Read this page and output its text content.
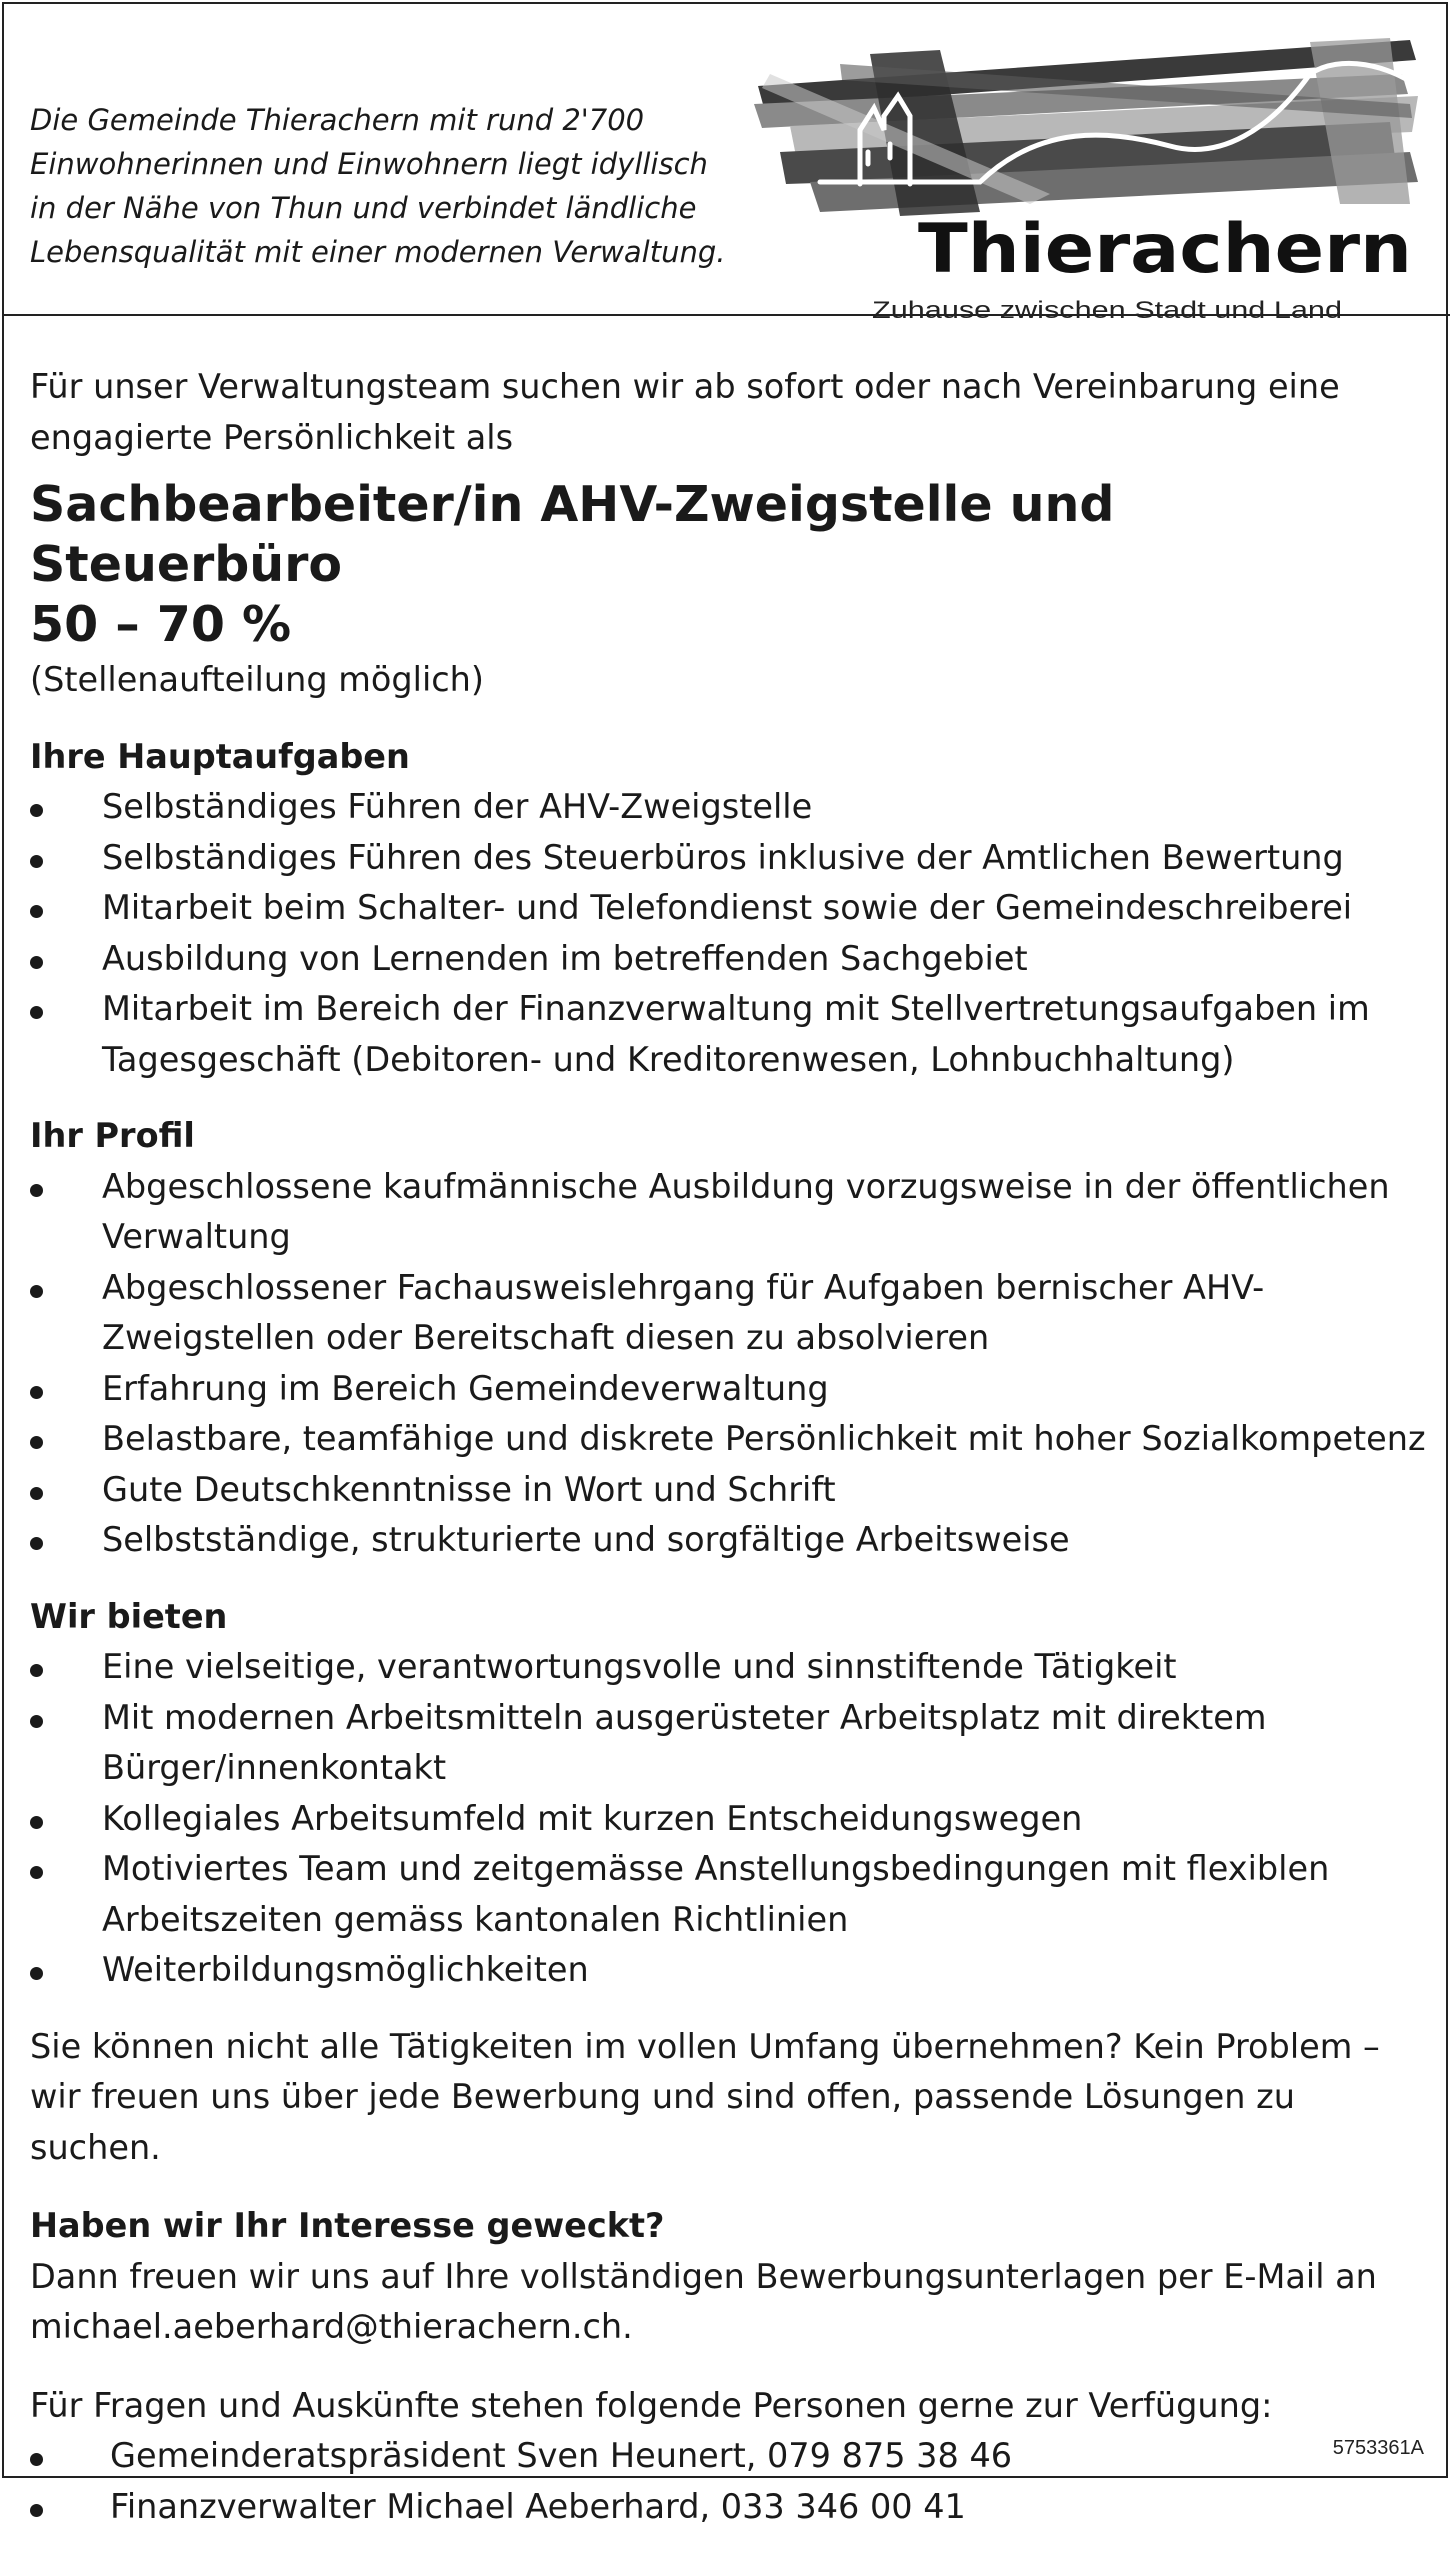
Die Gemeinde Thierachern mit rund 2'700 Einwohnerinnen und Einwohnern liegt idyllisch in der Nähe von Thun und verbindet ländliche Lebensqualität mit einer modernen Verwaltung.	Thierachern
Zuhause zwischen Stadt und Land

Für unser Verwaltungsteam suchen wir ab sofort oder nach Vereinbarung eine engagierte Persönlichkeit als

Sachbearbeiter/in AHV-Zweigstelle und Steuerbüro

50 – 70 %

(Stellenaufteilung möglich)

Ihre Hauptaufgaben

Selbständiges Führen der AHV-Zweigstelle
Selbständiges Führen des Steuerbüros inklusive der Amtlichen Bewertung
Mitarbeit beim Schalter- und Telefondienst sowie der Gemeindeschreiberei
Ausbildung von Lernenden im betreffenden Sachgebiet
Mitarbeit im Bereich der Finanzverwaltung mit Stellvertretungsaufgaben im Tagesgeschäft (Debitoren- und Kreditorenwesen, Lohnbuchhaltung)

Ihr Profil

Abgeschlossene kaufmännische Ausbildung vorzugsweise in der öffentlichen Verwaltung
Abgeschlossener Fachausweislehrgang für Aufgaben bernischer AHV-Zweigstellen oder Bereitschaft diesen zu absolvieren
Erfahrung im Bereich Gemeindeverwaltung
Belastbare, teamfähige und diskrete Persönlichkeit mit hoher Sozialkompetenz
Gute Deutschkenntnisse in Wort und Schrift
Selbstständige, strukturierte und sorgfältige Arbeitsweise

Wir bieten

Eine vielseitige, verantwortungsvolle und sinnstiftende Tätigkeit
Mit modernen Arbeitsmitteln ausgerüsteter Arbeitsplatz mit direktem Bürger/innenkontakt
Kollegiales Arbeitsumfeld mit kurzen Entscheidungswegen
Motiviertes Team und zeitgemässe Anstellungsbedingungen mit flexiblen Arbeitszeiten gemäss kantonalen Richtlinien
Weiterbildungsmöglichkeiten

Sie können nicht alle Tätigkeiten im vollen Umfang übernehmen? Kein Problem – wir freuen uns über jede Bewerbung und sind offen, passende Lösungen zu suchen.

Haben wir Ihr Interesse geweckt?

Dann freuen wir uns auf Ihre vollständigen Bewerbungsunterlagen per E-Mail an michael.aeberhard@thierachern.ch.

Für Fragen und Auskünfte stehen folgende Personen gerne zur Verfügung:

Gemeinderatspräsident Sven Heunert, 079 875 38 46
Finanzverwalter Michael Aeberhard, 033 346 00 41
5753361A
